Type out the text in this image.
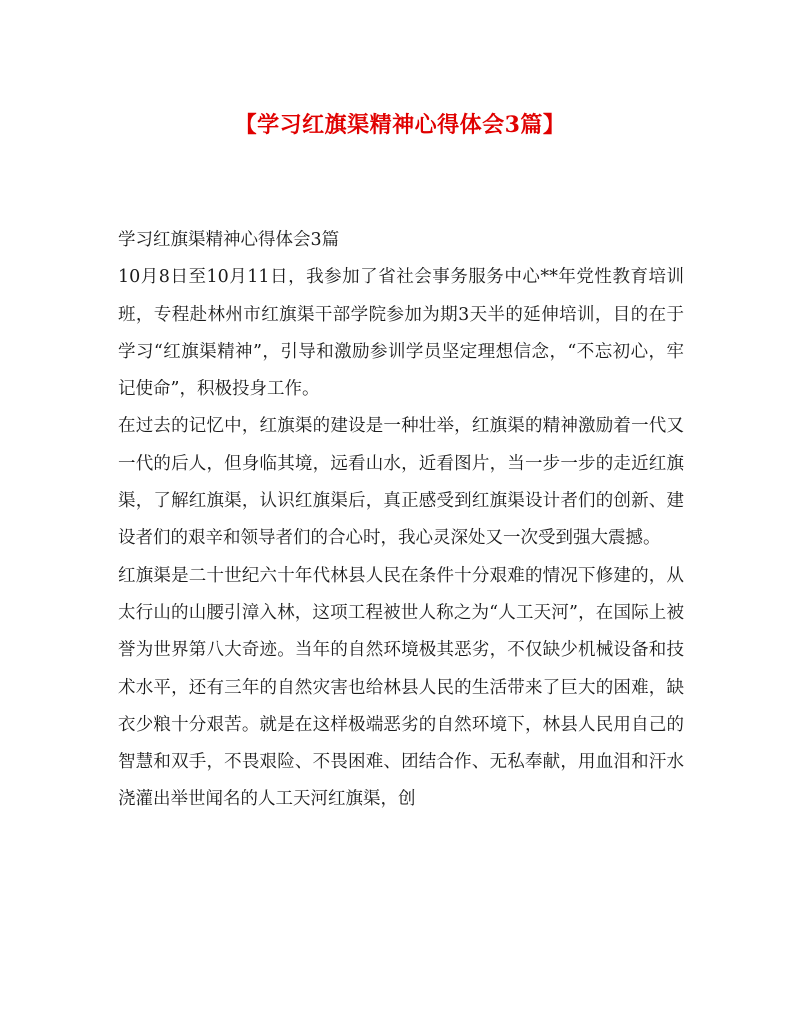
【学习红旗渠精神心得体会3篇】

学习红旗渠精神心得体会3篇

10月8日至10月11日，我参加了省社会事务服务中心**年党性教育培训班，专程赴林州市红旗渠干部学院参加为期3天半的延伸培训，目的在于学习“红旗渠精神”，引导和激励参训学员坚定理想信念，“不忘初心，牢记使命”，积极投身工作。

在过去的记忆中，红旗渠的建设是一种壮举，红旗渠的精神激励着一代又一代的后人，但身临其境，远看山水，近看图片，当一步一步的走近红旗渠，了解红旗渠，认识红旗渠后，真正感受到红旗渠设计者们的创新、建设者们的艰辛和领导者们的合心时，我心灵深处又一次受到强大震撼。

红旗渠是二十世纪六十年代林县人民在条件十分艰难的情况下修建的，从太行山的山腰引漳入林，这项工程被世人称之为“人工天河”，在国际上被誉为世界第八大奇迹。当年的自然环境极其恶劣，不仅缺少机械设备和技术水平，还有三年的自然灾害也给林县人民的生活带来了巨大的困难，缺衣少粮十分艰苦。就是在这样极端恶劣的自然环境下，林县人民用自己的智慧和双手，不畏艰险、不畏困难、团结合作、无私奉献，用血泪和汗水浇灌出举世闻名的人工天河红旗渠，创
